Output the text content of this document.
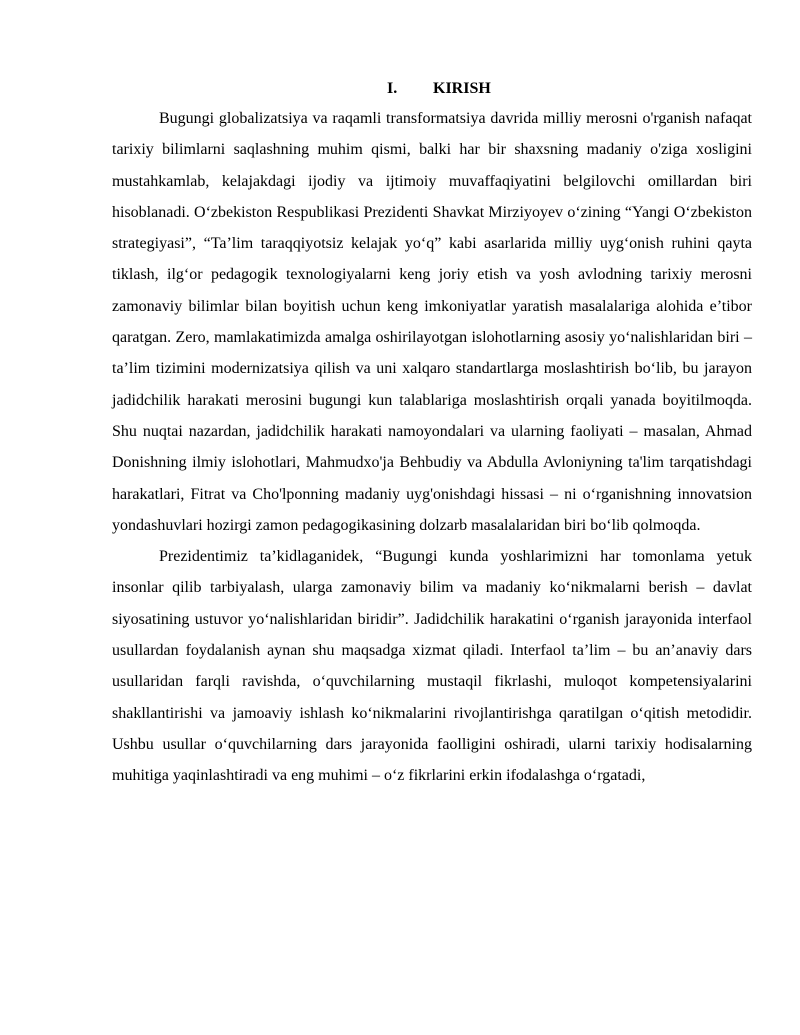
I. KIRISH

Bugungi globalizatsiya va raqamli transformatsiya davrida milliy merosni o'rganish nafaqat tarixiy bilimlarni saqlashning muhim qismi, balki har bir shaxsning madaniy o'ziga xosligini mustahkamlab, kelajakdagi ijodiy va ijtimoiy muvaffaqiyatini belgilovchi omillardan biri hisoblanadi. O‘zbekiston Respublikasi Prezidenti Shavkat Mirziyoyev o‘zining “Yangi O‘zbekiston strategiyasi”, “Ta’lim taraqqiyotsiz kelajak yo‘q” kabi asarlarida milliy uyg‘onish ruhini qayta tiklash, ilg‘or pedagogik texnologiyalarni keng joriy etish va yosh avlodning tarixiy merosni zamonaviy bilimlar bilan boyitish uchun keng imkoniyatlar yaratish masalalariga alohida e’tibor qaratgan. Zero, mamlakatimizda amalga oshirilayotgan islohotlarning asosiy yo‘nalishlaridan biri – ta’lim tizimini modernizatsiya qilish va uni xalqaro standartlarga moslashtirish bo‘lib, bu jarayon jadidchilik harakati merosini bugungi kun talablariga moslashtirish orqali yanada boyitilmoqda. Shu nuqtai nazardan, jadidchilik harakati namoyondalari va ularning faoliyati – masalan, Ahmad Donishning ilmiy islohotlari, Mahmudxo'ja Behbudiy va Abdulla Avloniyning ta'lim tarqatishdagi harakatlari, Fitrat va Cho'lponning madaniy uyg'onishdagi hissasi – ni o‘rganishning innovatsion yondashuvlari hozirgi zamon pedagogikasining dolzarb masalalaridan biri bo‘lib qolmoqda.

Prezidentimiz ta’kidlaganidek, “Bugungi kunda yoshlarimizni har tomonlama yetuk insonlar qilib tarbiyalash, ularga zamonaviy bilim va madaniy ko‘nikmalarni berish – davlat siyosatining ustuvor yo‘nalishlaridan biridir”. Jadidchilik harakatini o‘rganish jarayonida interfaol usullardan foydalanish aynan shu maqsadga xizmat qiladi. Interfaol ta’lim – bu an’anaviy dars usullaridan farqli ravishda, o‘quvchilarning mustaqil fikrlashi, muloqot kompetensiyalarini shakllantirishi va jamoaviy ishlash ko‘nikmalarini rivojlantirishga qaratilgan o‘qitish metodidir. Ushbu usullar o‘quvchilarning dars jarayonida faolligini oshiradi, ularni tarixiy hodisalarning muhitiga yaqinlashtiradi va eng muhimi – o‘z fikrlarini erkin ifodalashga o‘rgatadi,
